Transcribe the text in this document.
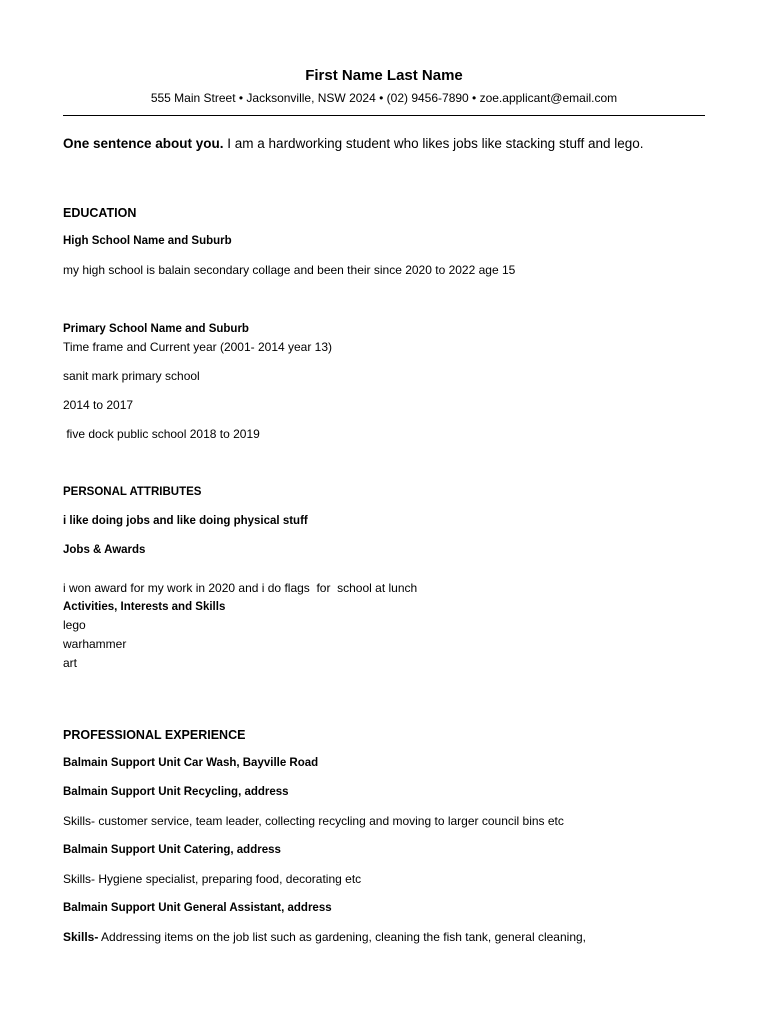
First Name Last Name
555 Main Street • Jacksonville, NSW 2024 • (02) 9456-7890 • zoe.applicant@email.com
One sentence about you. I am a hardworking student who likes jobs like stacking stuff and lego.
EDUCATION
High School Name and Suburb
my high school is balain secondary collage and been their since 2020 to 2022 age 15
Primary School Name and Suburb
Time frame and Current year (2001- 2014 year 13)
sanit mark primary school
2014 to 2017
five dock public school 2018 to 2019
PERSONAL ATTRIBUTES
i like doing jobs and like doing physical stuff
Jobs & Awards
i won award for my work in 2020 and i do flags  for  school at lunch
Activities, Interests and Skills
lego
warhammer
art
PROFESSIONAL EXPERIENCE
Balmain Support Unit Car Wash, Bayville Road
Balmain Support Unit Recycling, address
Skills- customer service, team leader, collecting recycling and moving to larger council bins etc
Balmain Support Unit Catering, address
Skills- Hygiene specialist, preparing food, decorating etc
Balmain Support Unit General Assistant, address
Skills- Addressing items on the job list such as gardening, cleaning the fish tank, general cleaning,
